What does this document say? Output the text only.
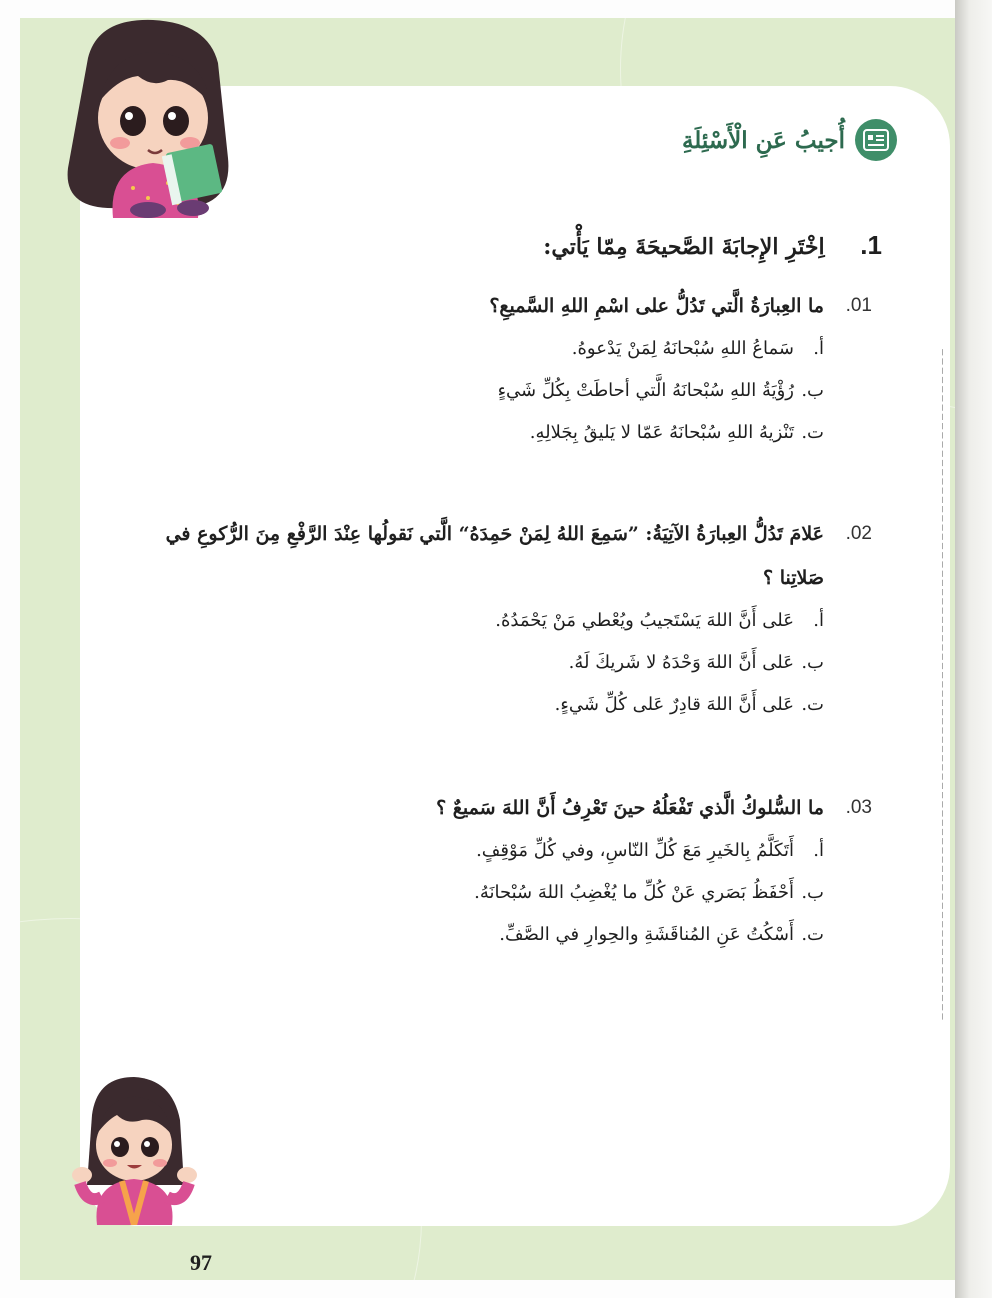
— — — — — — — — — — — — — — — — — — — — — — — — — — — — — — — — — — — — — — — — — — — — — — — — — — — — — — — — — — — — — — — — — — — — — — — — —
أُجيبُ عَنِ الْأَسْئِلَةِ
1. اِخْتَرِ الإِجابَةَ الصَّحيحَةَ مِمّا يَأْتي:
01.
ما العِبارَةُ الَّتي تَدُلُّ على اسْمِ اللهِ السَّميعِ؟
أ.
سَماعُ اللهِ سُبْحانَهُ لِمَنْ يَدْعوهُ.
ب.
رُؤْيَةُ اللهِ سُبْحانَهُ الَّتي أحاطَتْ بِكُلِّ شَيءٍ
ت.
تَنْزيهُ اللهِ سُبْحانَهُ عَمّا لا يَليقُ بِجَلالِهِ.
02.
عَلامَ تَدُلُّ العِبارَةُ الآتِيَةُ: ”سَمِعَ اللهُ لِمَنْ حَمِدَهُ“ الَّتي نَقولُها عِنْدَ الرَّفْعِ مِنَ الرُّكوعِ في صَلاتِنا ؟
أ.
عَلى أَنَّ اللهَ يَسْتَجيبُ ويُعْطي مَنْ يَحْمَدُهُ.
ب.
عَلى أَنَّ اللهَ وَحْدَهُ لا شَريكَ لَهُ.
ت.
عَلى أَنَّ اللهَ قادِرٌ عَلى كُلِّ شَيءٍ.
03.
ما السُّلوكُ الَّذي تَفْعَلُهُ حينَ تَعْرِفُ أَنَّ اللهَ سَميعٌ ؟
أ.
أَتَكَلَّمُ بِالخَيرِ مَعَ كُلِّ النّاسِ، وفي كُلِّ مَوْقِفٍ.
ب.
أَحْفَظُ بَصَري عَنْ كُلِّ ما يُغْضِبُ اللهَ سُبْحانَهُ.
ت.
أَسْكُتُ عَنِ المُناقَشَةِ والحِوارِ في الصَّفِّ.
97
